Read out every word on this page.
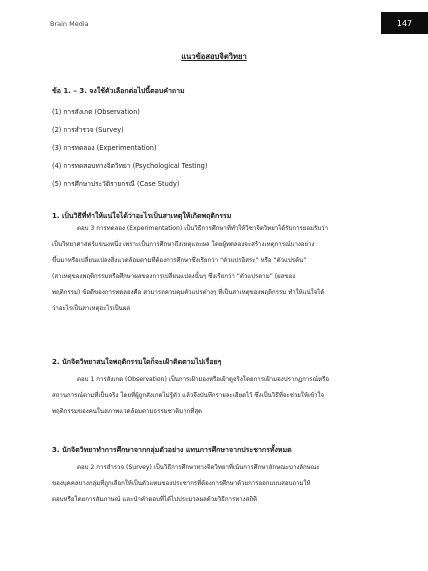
Brain Media	147

แนวข้อสอบจิตวิทยา

ข้อ 1. – 3. จงใช้ตัวเลือกต่อไปนี้ตอบคำถาม

(1) การสังเกต (Observation)

(2) การสำรวจ (Survey)

(3) การทดลอง (Experimentation)

(4) การทดสอบทางจิตวิทยา (Psychological Testing)

(5) การศึกษาประวัติรายกรณี (Case Study)

1. เป็นวิธีที่ทำให้แน่ใจได้ว่าอะไรเป็นสาเหตุให้เกิดพฤติกรรม

ตอบ 3 การทดลอง (Experimentation) เป็นวิธีการศึกษาที่ทำให้วิชาจิตวิทยาได้รับการยอมรับว่า
เป็นวิทยาศาสตร์แขนงหนึ่ง เพราะเป็นการศึกษาถึงเหตุและผล โดยผู้ทดลองจะสร้างเหตุการณ์บางอย่าง
ขึ้นมาหรือเปลี่ยนแปลงสิ่งแวดล้อมตามที่ต้องการศึกษาซึ่งเรียกว่า “ตัวแปรอิสระ” หรือ “ตัวแปรต้น”
(สาเหตุของพฤติกรรมหรือศึกษาผลของการเปลี่ยนแปลงนั้นๆ ซึ่งเรียกว่า “ตัวแปรตาม” (ผลของ
พฤติกรรม) ข้อดีของการทดลองคือ สามารถควบคุมตัวแปรต่างๆ ที่เป็นสาเหตุของพฤติกรรม ทำให้แน่ใจได้
ว่าอะไรเป็นสาเหตุอะไรเป็นผล

2. นักจิตวิทยาสนใจพฤติกรรมใดก็จะเฝ้าติดตามไปเรื่อยๆ

ตอบ 1 การสังเกต (Observation) เป็นการเฝ้ามองหรือเฝ้าดูจริงโดยการเฝ้ามองปรากฏการณ์หรือ
สถานการณ์ตามที่เป็นจริง โดยที่ผู้ถูกสังเกตไม่รู้ตัว แล้วจึงบันทึกรายละเอียดไว้ ซึ่งเป็นวิธีที่จะช่วยให้เข้าใจ
พฤติกรรมของคนในสภาพแวดล้อมตามธรรมชาติมากที่สุด

3. นักจิตวิทยาทำการศึกษาจากกลุ่มตัวอย่าง แทนการศึกษาจากประชากรทั้งหมด

ตอบ 2 การสำรวจ (Survey) เป็นวิธีการศึกษาทางจิตวิทยาที่เน้นการศึกษาลักษณะบางลักษณะ
ของบุคคลบางกลุ่มที่ถูกเลือกให้เป็นตัวแทนของประชากรที่ต้องการศึกษาด้วยการออกแบบสอบถามให้
ตอบหรือโดยการสัมภาษณ์ และนำคำตอบที่ได้ไปประมวลผลด้วยวิธีการทางสถิติ
